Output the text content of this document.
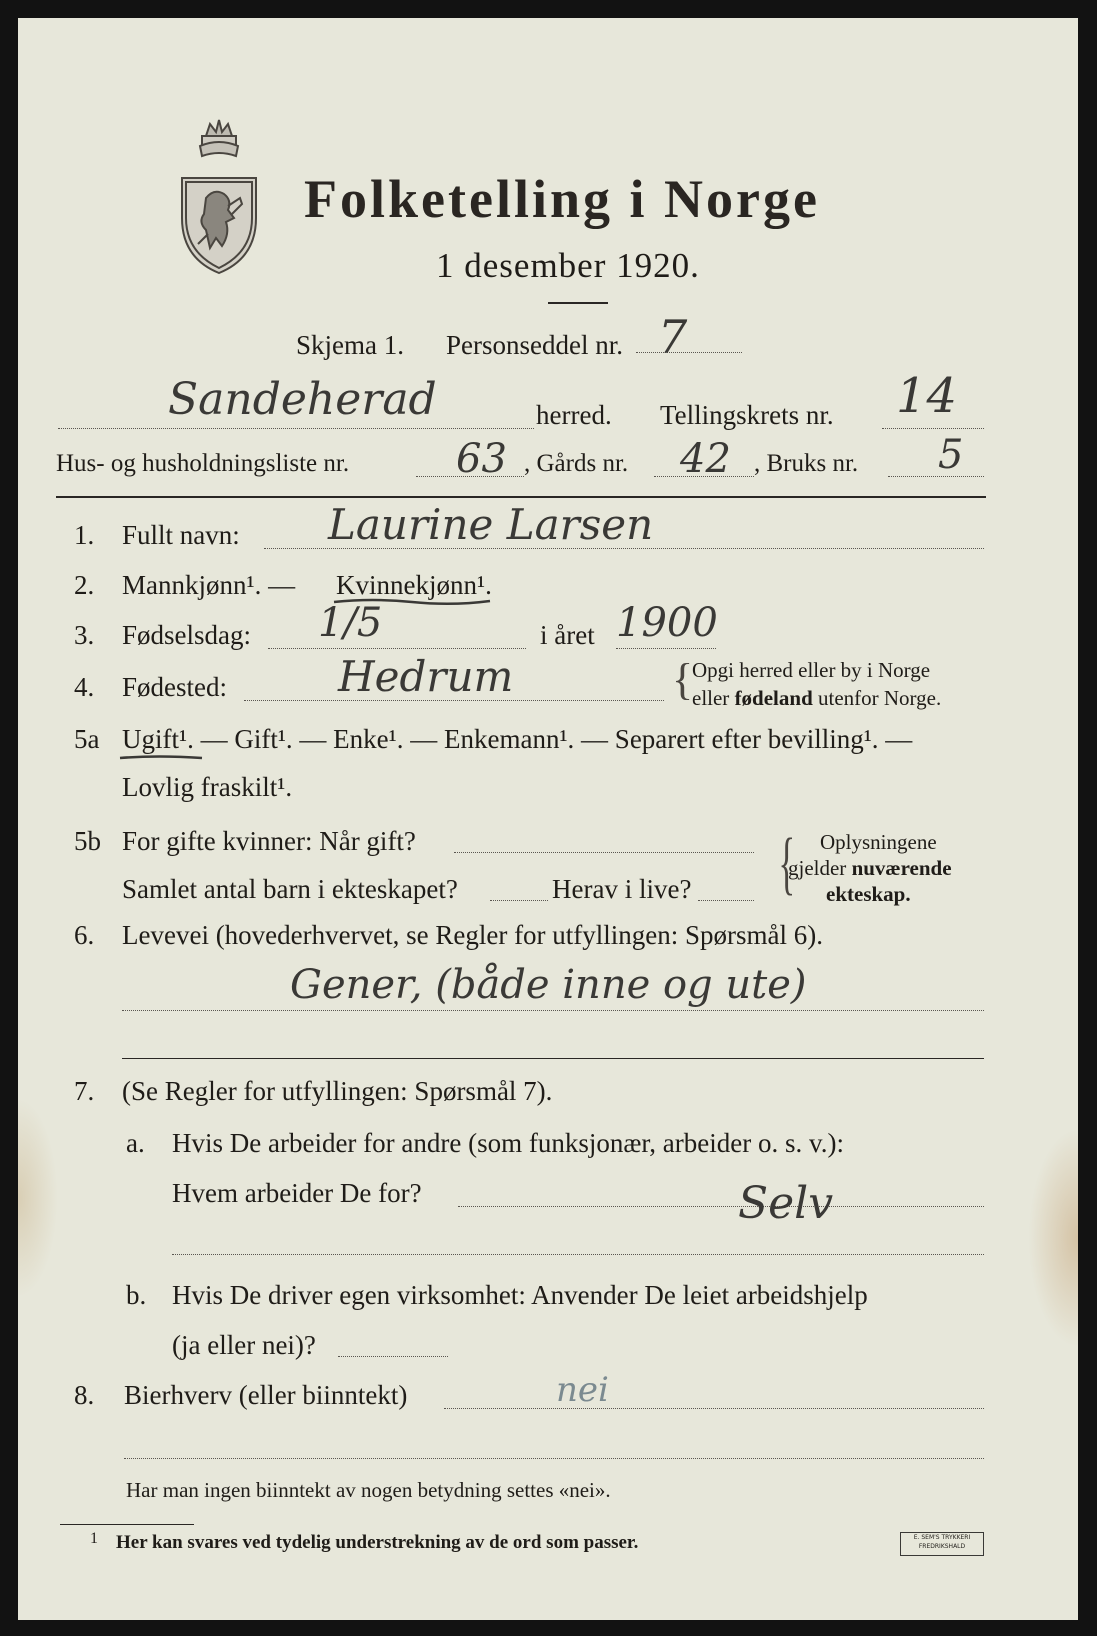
Folketelling i Norge
1 desember 1920.
Skjema 1. Personseddel nr. 7
Sandeherad	herred. Tellingskrets nr. 14
Hus- og husholdningsliste nr.	63 , Gårds nr. 42 , Bruks nr. 5
1. Fullt navn: Laurine Larsen
2. Mannkjønn¹. — Kvinnekjønn¹.
3. Fødselsdag: 1/5	i året 1900
4. Fødested:	Hedrum	{
Opgi herred eller by i Norge
eller fødeland utenfor Norge.
5a Ugift¹. — Gift¹. — Enke¹. — Enkemann¹. — Separert efter bevilling¹. —
Lovlig fraskilt¹.
5b For gifte kvinner: Når gift?
Samlet antal barn i ekteskapet?	Herav i live? { Oplysningene
gjelder nuværende
ekteskap.
6. Levevei (hovederhvervet, se Regler for utfyllingen: Spørsmål 6).
Gener, (både inne og ute)
7. (Se Regler for utfyllingen: Spørsmål 7).
a. Hvis De arbeider for andre (som funksjonær, arbeider o. s. v.):
Hvem arbeider De for?	Selv
b. Hvis De driver egen virksomhet: Anvender De leiet arbeidshjelp
(ja eller nei)?
8. Bierhverv (eller biinntekt)	nei
Har man ingen biinntekt av nogen betydning settes «nei».
1 Her kan svares ved tydelig understrekning av de ord som passer.	E. SEM'S TRYKKERI
FREDRIKSHALD
